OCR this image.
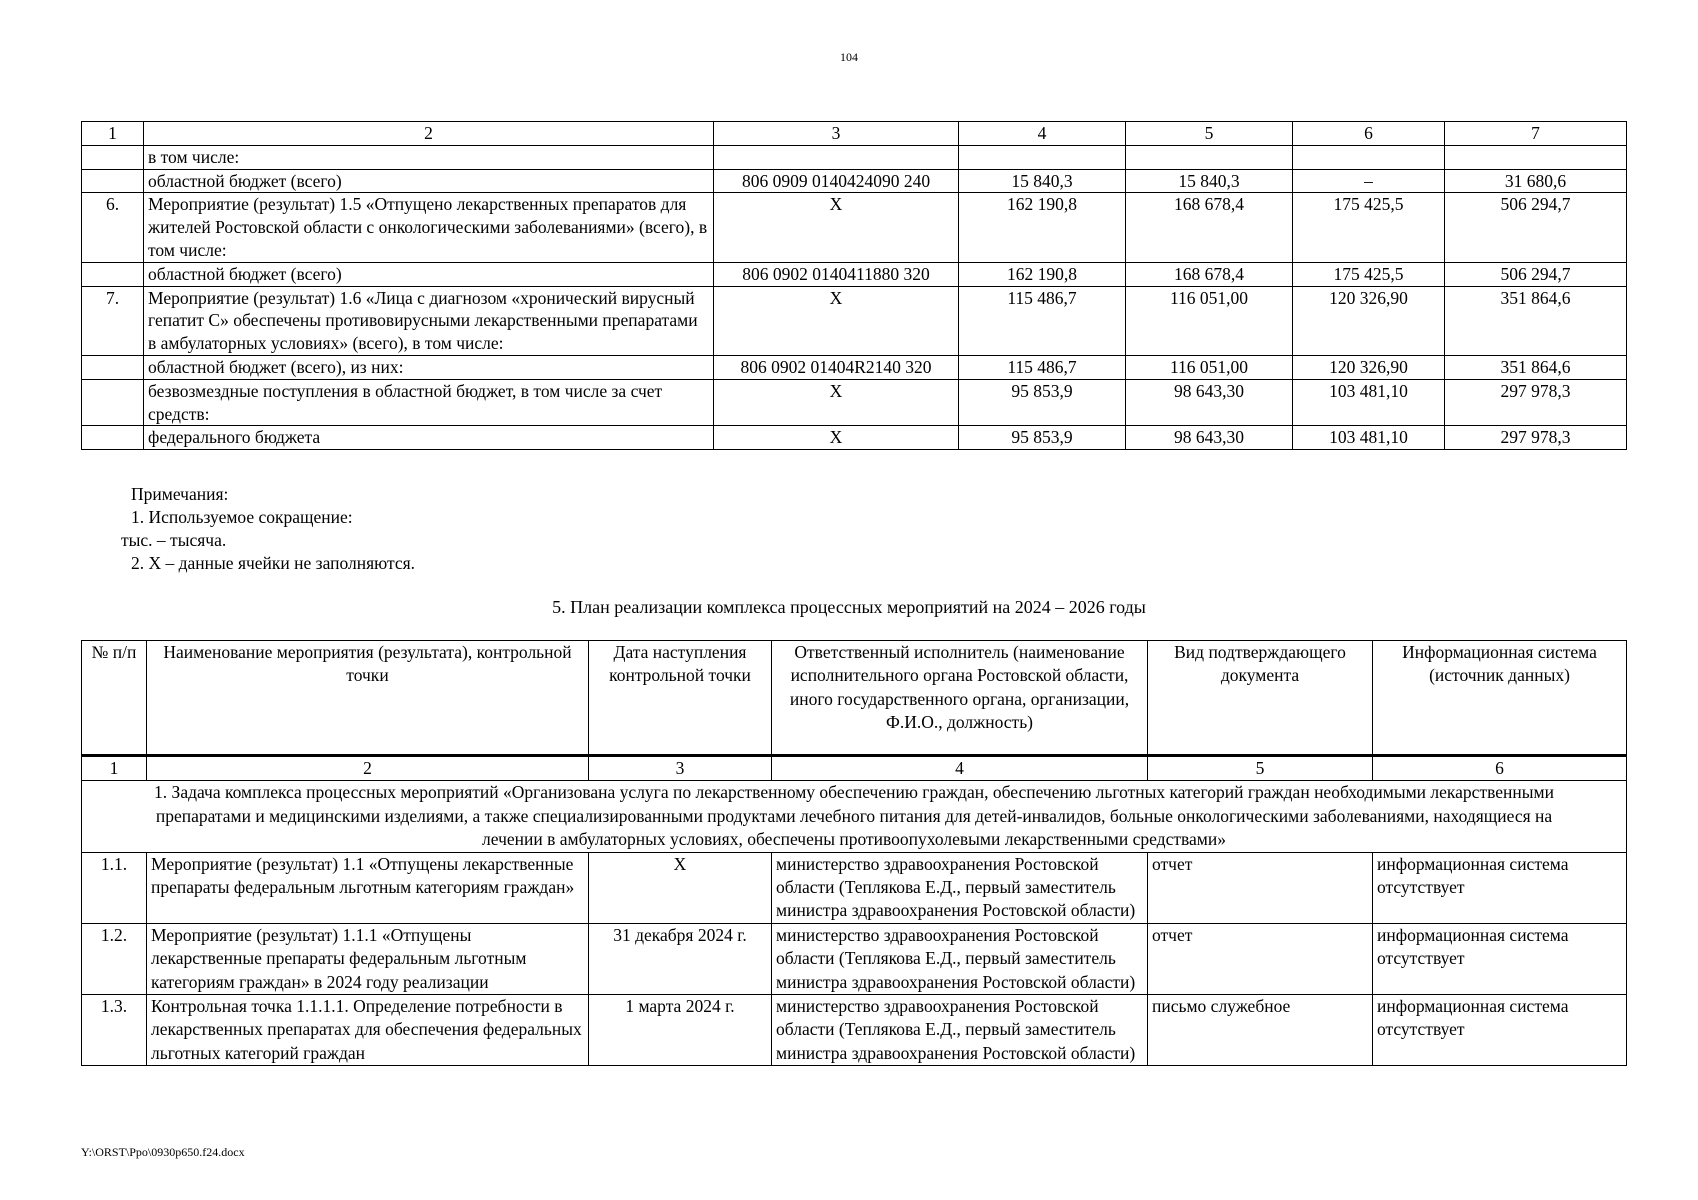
104
1	2	3	4	5	6	7
	в том числе:					
	областной бюджет (всего)	806 0909 0140424090 240	15 840,3	15 840,3	–	31 680,6
6.	Мероприятие (результат) 1.5 «Отпущено лекарственных препаратов для жителей Ростовской области с онкологическими заболеваниями» (всего), в том числе:	X	162 190,8	168 678,4	175 425,5	506 294,7
	областной бюджет (всего)	806 0902 0140411880 320	162 190,8	168 678,4	175 425,5	506 294,7
7.	Мероприятие (результат) 1.6 «Лица с диагнозом «хронический вирусный гепатит С» обеспечены противовирусными лекарственными препаратами в амбулаторных условиях» (всего), в том числе:	X	115 486,7	116 051,00	120 326,90	351 864,6
	областной бюджет (всего), из них:	806 0902 01404R2140 320	115 486,7	116 051,00	120 326,90	351 864,6
	безвозмездные поступления в областной бюджет, в том числе за счет средств:	X	95 853,9	98 643,30	103 481,10	297 978,3
	федерального бюджета	X	95 853,9	98 643,30	103 481,10	297 978,3
Примечания:
1. Используемое сокращение:
тыс. – тысяча.
2. X – данные ячейки не заполняются.
5. План реализации комплекса процессных мероприятий на 2024 – 2026 годы
№ п/п	Наименование мероприятия (результата), контрольной точки	Дата наступления контрольной точки	Ответственный исполнитель (наименование исполнительного органа Ростовской области, иного государственного органа, организации, Ф.И.О., должность)	Вид подтверждающего документа	Информационная система (источник данных)
1	2	3	4	5	6
1. Задача комплекса процессных мероприятий «Организована услуга по лекарственному обеспечению граждан, обеспечению льготных категорий граждан необходимыми лекарственными препаратами и медицинскими изделиями, а также специализированными продуктами лечебного питания для детей-инвалидов, больные онкологическими заболеваниями, находящиеся на лечении в амбулаторных условиях, обеспечены противоопухолевыми лекарственными средствами»					
1.1.	Мероприятие (результат) 1.1 «Отпущены лекарственные препараты федеральным льготным категориям граждан»	X	министерство здравоохранения Ростовской области (Теплякова Е.Д., первый заместитель министра здравоохранения Ростовской области)	отчет	информационная система отсутствует
1.2.	Мероприятие (результат) 1.1.1 «Отпущены лекарственные препараты федеральным льготным категориям граждан» в 2024 году реализации	31 декабря 2024 г.	министерство здравоохранения Ростовской области (Теплякова Е.Д., первый заместитель министра здравоохранения Ростовской области)	отчет	информационная система отсутствует
1.3.	Контрольная точка 1.1.1.1. Определение потребности в лекарственных препаратах для обеспечения федеральных льготных категорий граждан	1 марта 2024 г.	министерство здравоохранения Ростовской области (Теплякова Е.Д., первый заместитель министра здравоохранения Ростовской области)	письмо служебное	информационная система отсутствует
Y:\ORST\Ppo\0930p650.f24.docx
